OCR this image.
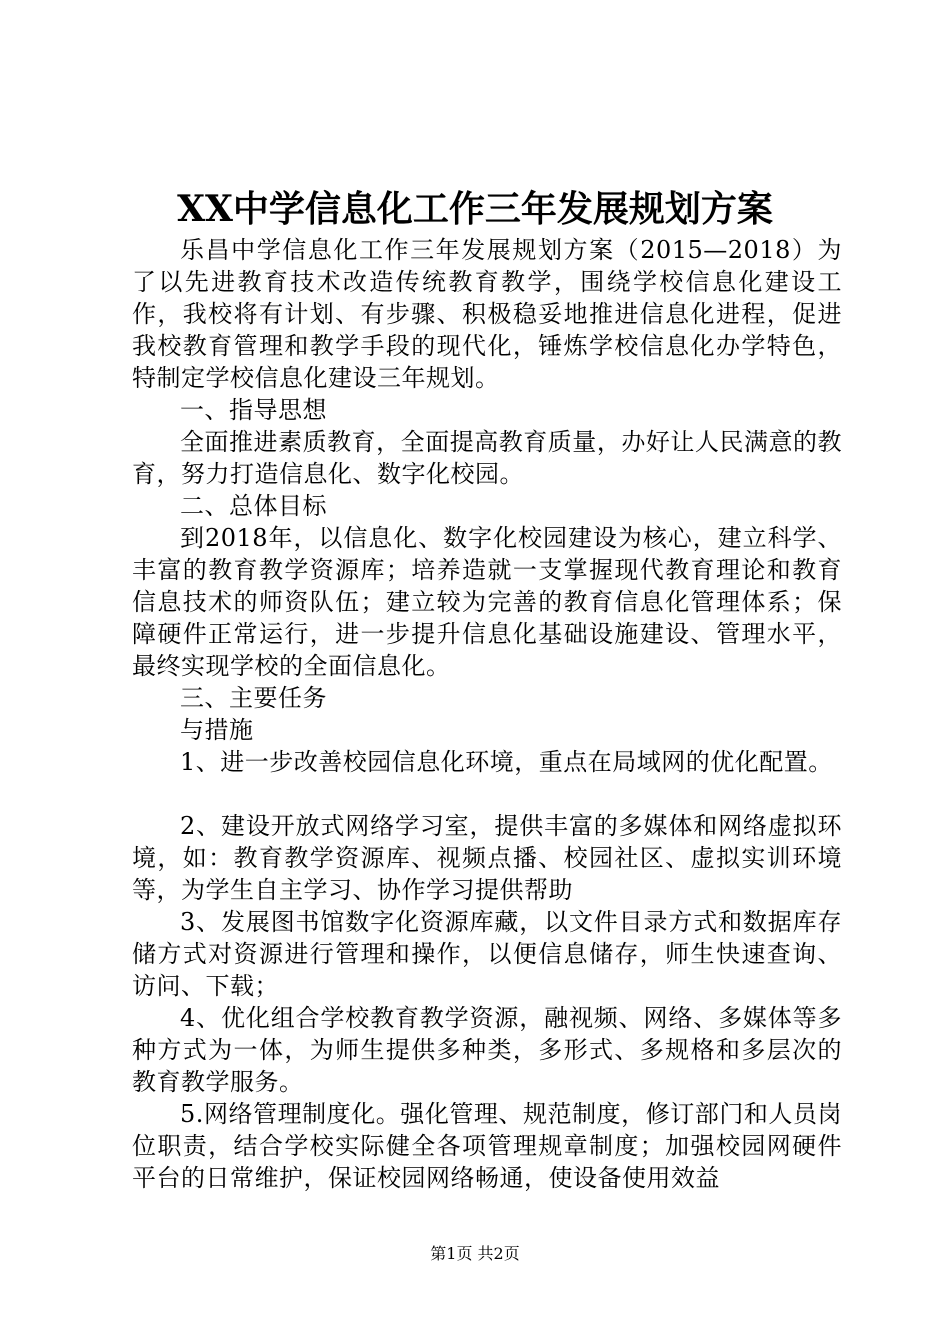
XX中学信息化工作三年发展规划方案

乐昌中学信息化工作三年发展规划方案（2015—2018）为了以先进教育技术改造传统教育教学，围绕学校信息化建设工作，我校将有计划、有步骤、积极稳妥地推进信息化进程，促进我校教育管理和教学手段的现代化，锤炼学校信息化办学特色，特制定学校信息化建设三年规划。

一、指导思想

全面推进素质教育，全面提高教育质量，办好让人民满意的教育，努力打造信息化、数字化校园。

二、总体目标

到2018年，以信息化、数字化校园建设为核心，建立科学、丰富的教育教学资源库；培养造就一支掌握现代教育理论和教育信息技术的师资队伍；建立较为完善的教育信息化管理体系；保障硬件正常运行，进一步提升信息化基础设施建设、管理水平，最终实现学校的全面信息化。

三、主要任务

与措施

1、进一步改善校园信息化环境，重点在局域网的优化配置。

2、建设开放式网络学习室，提供丰富的多媒体和网络虚拟环境，如：教育教学资源库、视频点播、校园社区、虚拟实训环境等，为学生自主学习、协作学习提供帮助

3、发展图书馆数字化资源库藏，以文件目录方式和数据库存储方式对资源进行管理和操作，以便信息储存，师生快速查询、访问、下载；

4、优化组合学校教育教学资源，融视频、网络、多媒体等多种方式为一体，为师生提供多种类，多形式、多规格和多层次的教育教学服务。

5.网络管理制度化。强化管理、规范制度，修订部门和人员岗位职责，结合学校实际健全各项管理规章制度；加强校园网硬件平台的日常维护，保证校园网络畅通，使设备使用效益

第1页 共2页
